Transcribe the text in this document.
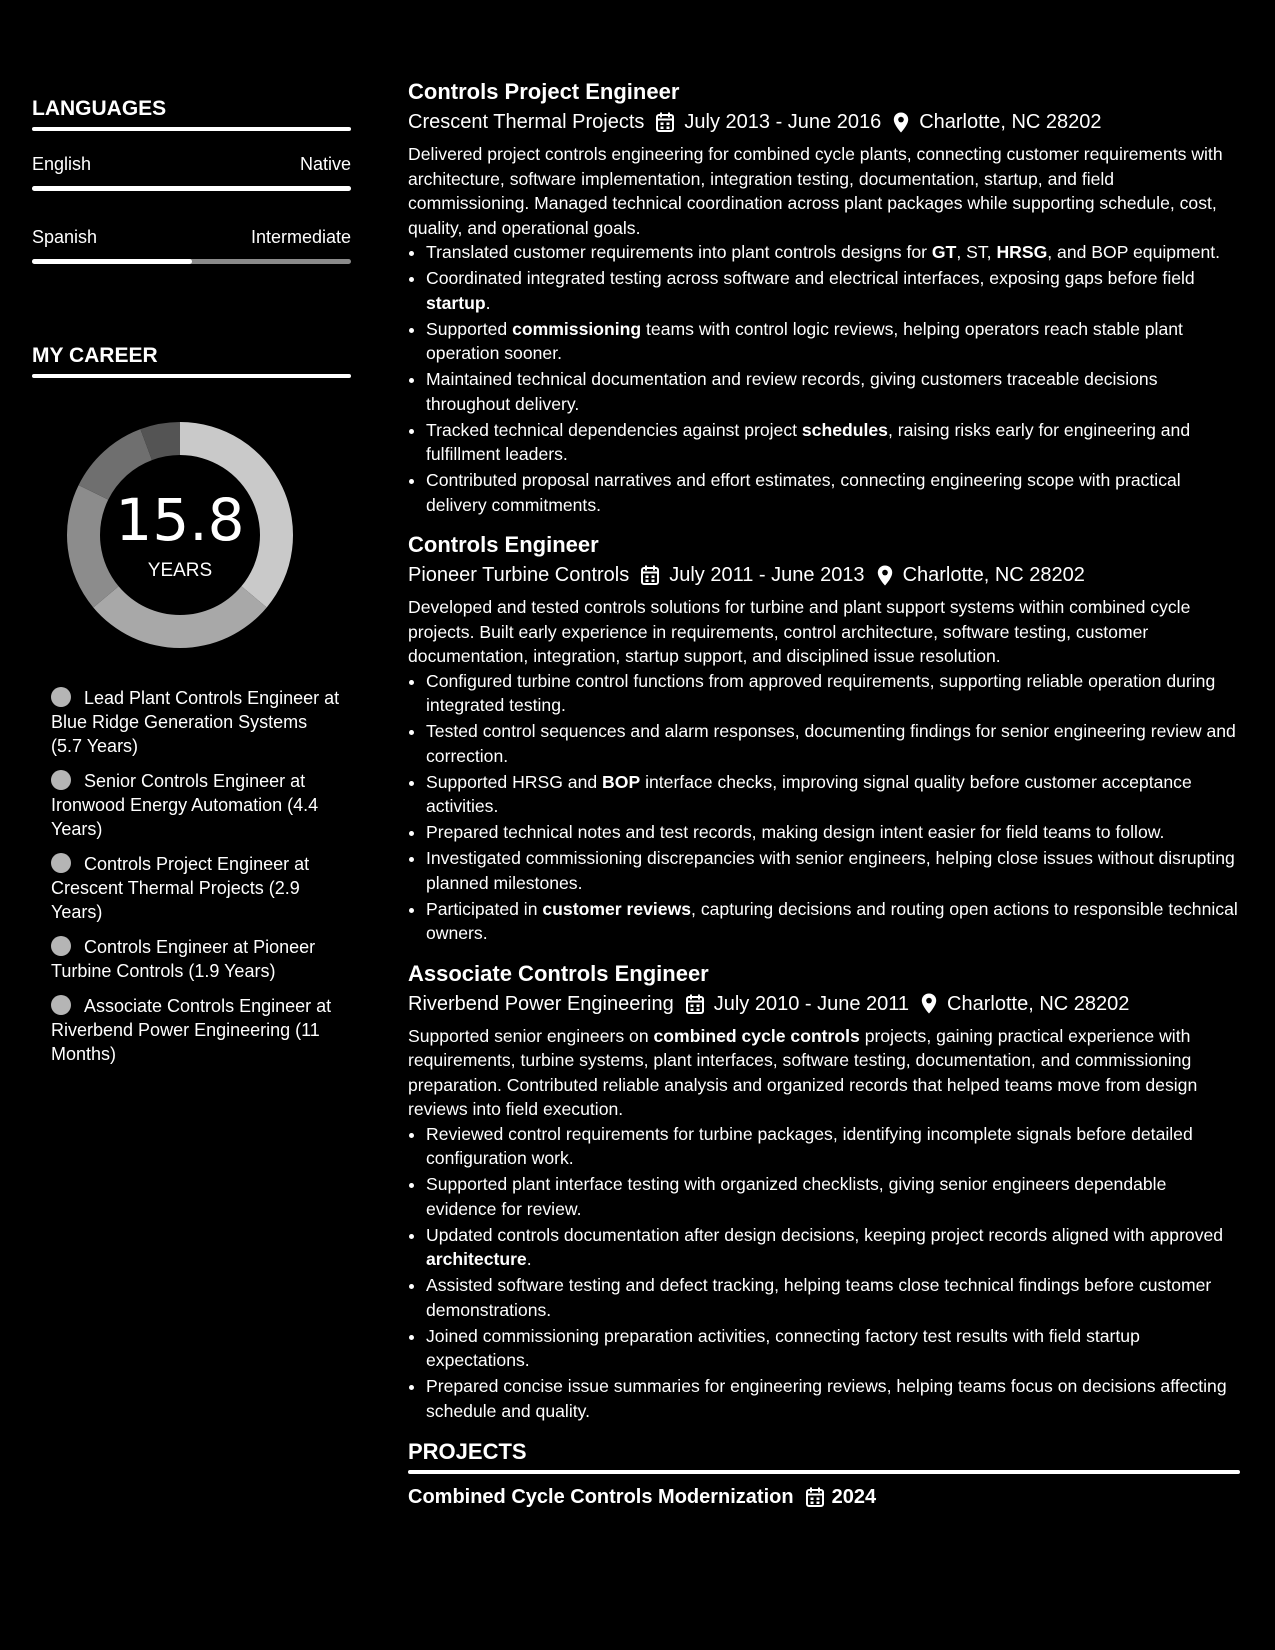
LANGUAGES
English	Native
Spanish	Intermediate
MY CAREER
15.8
YEARS
Lead Plant Controls Engineer at Blue Ridge Generation Systems (5.7 Years)
Senior Controls Engineer at Ironwood Energy Automation (4.4 Years)
Controls Project Engineer at Crescent Thermal Projects (2.9 Years)
Controls Engineer at Pioneer Turbine Controls (1.9 Years)
Associate Controls Engineer at Riverbend Power Engineering (11 Months)
Controls Project Engineer
Crescent Thermal Projects July 2013 - June 2016 Charlotte, NC 28202
Delivered project controls engineering for combined cycle plants, connecting customer requirements with architecture, software implementation, integration testing, documentation, startup, and field commissioning. Managed technical coordination across plant packages while supporting schedule, cost, quality, and operational goals.
• Translated customer requirements into plant controls designs for GT, ST, HRSG, and BOP equipment.
• Coordinated integrated testing across software and electrical interfaces, exposing gaps before field startup.
• Supported commissioning teams with control logic reviews, helping operators reach stable plant operation sooner.
• Maintained technical documentation and review records, giving customers traceable decisions throughout delivery.
• Tracked technical dependencies against project schedules, raising risks early for engineering and fulfillment leaders.
• Contributed proposal narratives and effort estimates, connecting engineering scope with practical delivery commitments.
Controls Engineer
Pioneer Turbine Controls July 2011 - June 2013 Charlotte, NC 28202
Developed and tested controls solutions for turbine and plant support systems within combined cycle projects. Built early experience in requirements, control architecture, software testing, customer documentation, integration, startup support, and disciplined issue resolution.
• Configured turbine control functions from approved requirements, supporting reliable operation during integrated testing.
• Tested control sequences and alarm responses, documenting findings for senior engineering review and correction.
• Supported HRSG and BOP interface checks, improving signal quality before customer acceptance activities.
• Prepared technical notes and test records, making design intent easier for field teams to follow.
• Investigated commissioning discrepancies with senior engineers, helping close issues without disrupting planned milestones.
• Participated in customer reviews, capturing decisions and routing open actions to responsible technical owners.
Associate Controls Engineer
Riverbend Power Engineering July 2010 - June 2011 Charlotte, NC 28202
Supported senior engineers on combined cycle controls projects, gaining practical experience with requirements, turbine systems, plant interfaces, software testing, documentation, and commissioning preparation. Contributed reliable analysis and organized records that helped teams move from design reviews into field execution.
• Reviewed control requirements for turbine packages, identifying incomplete signals before detailed configuration work.
• Supported plant interface testing with organized checklists, giving senior engineers dependable evidence for review.
• Updated controls documentation after design decisions, keeping project records aligned with approved architecture.
• Assisted software testing and defect tracking, helping teams close technical findings before customer demonstrations.
• Joined commissioning preparation activities, connecting factory test results with field startup expectations.
• Prepared concise issue summaries for engineering reviews, helping teams focus on decisions affecting schedule and quality.
PROJECTS
Combined Cycle Controls Modernization 2024
